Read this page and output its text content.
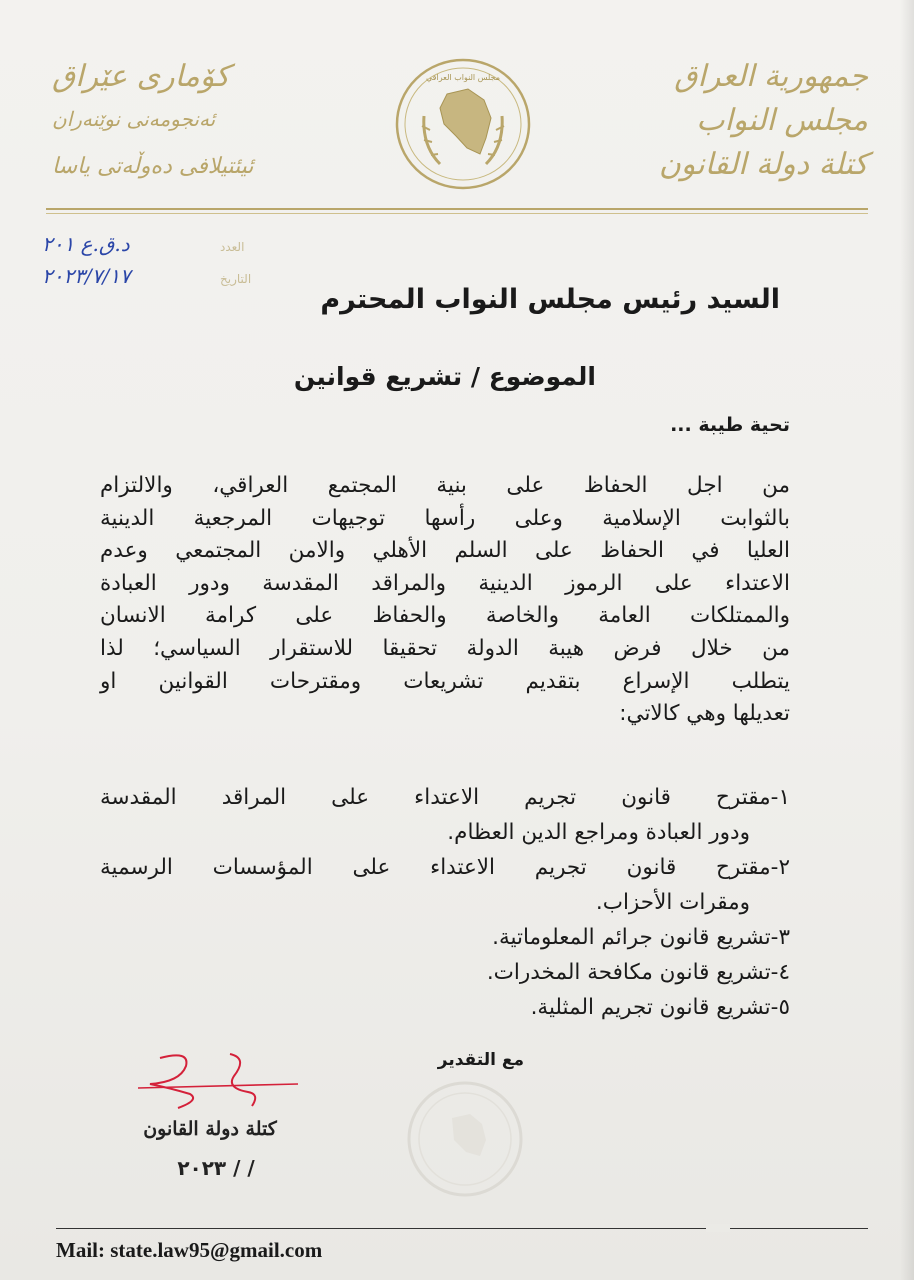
جمهورية العراق
مجلس النواب
كتلة دولة القانون
كۆماری عێراق
ئەنجومەنی نوێنەران
ئیئتیلافی دەوڵەتی یاسا
مجلس النواب العراقي
د.ق.ع ٢٠١	العدد
٢٠٢٣/٧/١٧	التاريخ
السيد رئيس مجلس النواب المحترم
الموضوع / تشريع قوانين
تحية طيبة ...
من اجل الحفاظ على بنية المجتمع العراقي، والالتزام
بالثوابت الإسلامية وعلى رأسها توجيهات المرجعية الدينية
العليا في الحفاظ على السلم الأهلي والامن المجتمعي وعدم
الاعتداء على الرموز الدينية والمراقد المقدسة ودور العبادة
والممتلكات العامة والخاصة والحفاظ على كرامة الانسان
من خلال فرض هيبة الدولة تحقيقا للاستقرار السياسي؛ لذا
يتطلب الإسراع بتقديم تشريعات ومقترحات القوانين او
تعديلها وهي كالاتي:
١-مقترح قانون تجريم الاعتداء على المراقد المقدسة
ودور العبادة ومراجع الدين العظام.
٢-مقترح قانون تجريم الاعتداء على المؤسسات الرسمية
ومقرات الأحزاب.
٣-تشريع قانون جرائم المعلوماتية.
٤-تشريع قانون مكافحة المخدرات.
٥-تشريع قانون تجريم المثلية.
مع التقدير
كتلة دولة القانون
/ / ٢٠٢٣
Mail: state.law95@gmail.com
